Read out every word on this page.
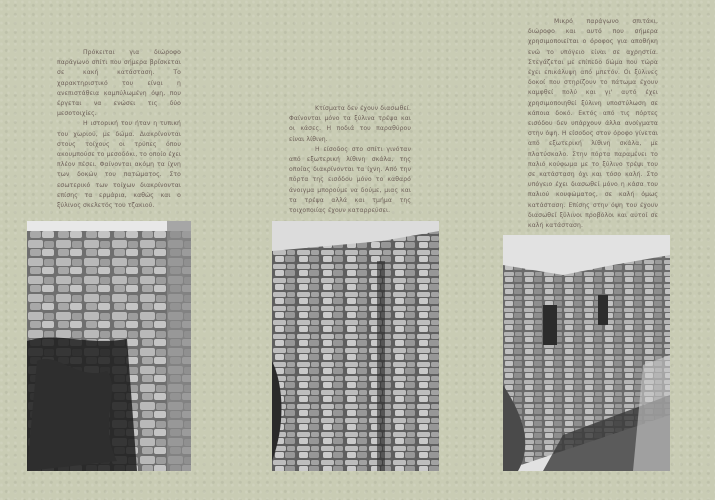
Πρόκειται για διώροφο παράγωνο σπίτι που σήμερα βρίσκεται σε κακή κατάσταση. Το χαρακτηριστικό του είναι η ανεπιστάθεια καμπύλωμένη όψη, που έργεται να ενώσει τις δύο μεσοτοιχίες.

Η ιστορική του ήταν η τυπική του χωριού, με δώμα. Διακρίνονται στους τοίχους οι τρύπες όπου ακουμπούσε το μεσοδόκι, το οποίο έχει πλέον πέσει. Φαίνονται ακόμη τα ίχνη των δοκών του πατώματος. Στο εσωτερικό των τοίχων διακρίνονται επίσης τα ερμάρια, καθώς και ο ξύλινος σκελετός του τζακιού.

Κτίσματα δεν έχουν διασωθεί. Φαίνονται μόνο τα ξύλινα τρέψα και οι κάσες. Η ποδιά του παραθύρου είναι λίθινη.

Η είσοδος στο σπίτι γινόταν από εξωτερική λίθινη σκάλα, της οποίας διακρίνονται τα ίχνη. Από την πόρτα της εισόδου μόνο το καθαρό άνοιγμα μπορούμε να δούμε, μιας και τα τρέψα αλλά και τμήμα της τοιχοποιίας έχουν καταρρεύσει.

Μικρό παράγωνο σπιτάκι, διώροφο και αυτό που σήμερα χρησιμοποιείται ο όροφος για αποθήκη ενώ το υπόγειο είναι σε αχρηστία. Στεγάζεται με επίπεδο δώμα που τώρα έχει επικάλυψη από μπετόν. Οι ξύλινες δοκοί που στηρίζουν το πάτωμα έχουν καμφθεί πολύ και γι' αυτό έχει χρησιμοποιηθεί ξύλινη υποστύλωση σε κάποια δοκό. Εκτός από τις πόρτες εισόδου δεν υπάρχουν άλλα ανοίγματα στην όψη. Η είσοδος στον όροφο γίνεται από εξωτερική λίθινη σκάλα, με πλατύσκαλο. Στην πόρτα παραμένει το παλιό κούφωμα με το ξύλινο τρέψι του σε κατάσταση όχι και τόσο καλή. Στο υπόγειο έχει διασωθεί μόνο η κάσα του παλιού κουφώματος, σε καλή όμως κατάσταση. Επίσης στην όψη του έχουν διασωθεί ξύλινοι προβόλοι και αυτοί σε καλή κατάσταση.
